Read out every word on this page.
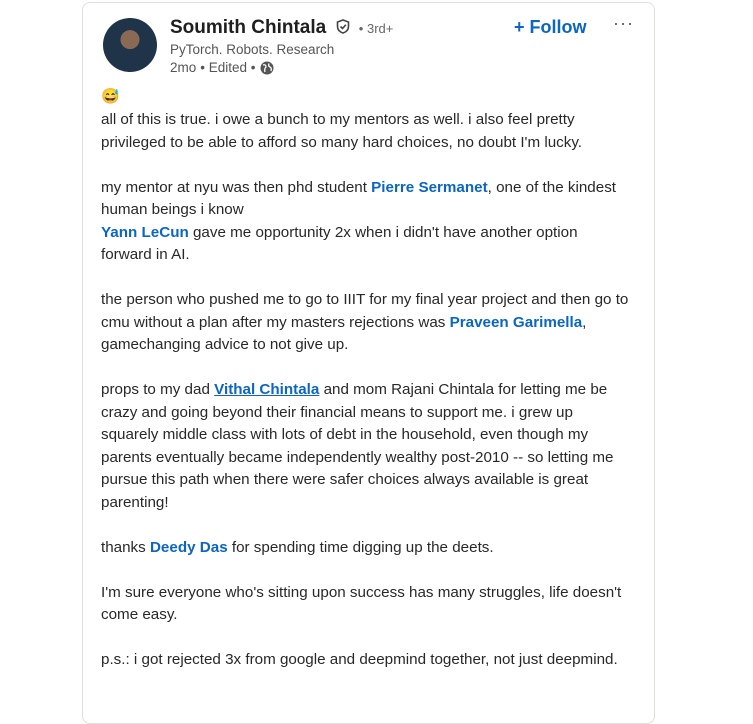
Soumith Chintala	• 3rd+
PyTorch. Robots. Research
2mo • Edited •
+ Follow ···
😅

all of this is true. i owe a bunch to my mentors as well. i also feel pretty privileged to be able to afford so many hard choices, no doubt I'm lucky.

my mentor at nyu was then phd student Pierre Sermanet, one of the kindest human beings i know
Yann LeCun gave me opportunity 2x when i didn't have another option forward in AI.

the person who pushed me to go to IIIT for my final year project and then go to cmu without a plan after my masters rejections was Praveen Garimella, gamechanging advice to not give up.

props to my dad Vithal Chintala and mom Rajani Chintala for letting me be crazy and going beyond their financial means to support me. i grew up squarely middle class with lots of debt in the household, even though my parents eventually became independently wealthy post-2010 -- so letting me pursue this path when there were safer choices always available is great parenting!

thanks Deedy Das for spending time digging up the deets.

I'm sure everyone who's sitting upon success has many struggles, life doesn't come easy.

p.s.: i got rejected 3x from google and deepmind together, not just deepmind.
